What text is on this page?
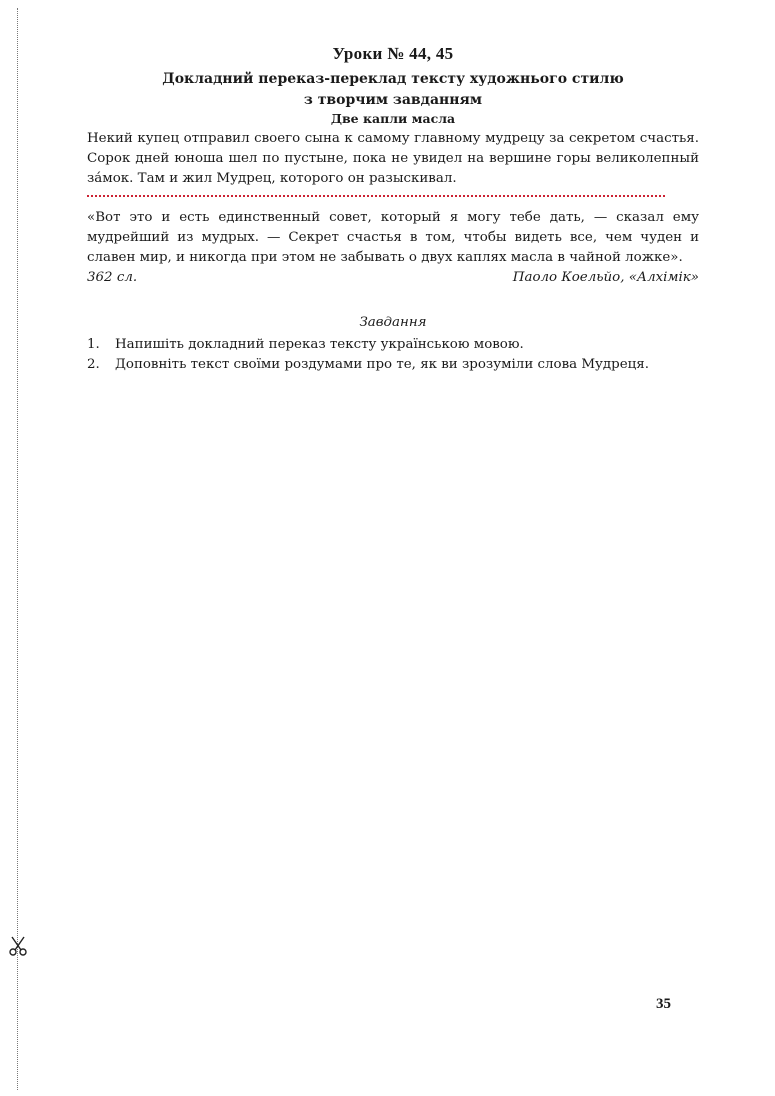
Уроки № 44, 45

Докладний переказ-переклад тексту художнього стилю

з творчим завданням

Две капли масла

Некий купец отправил своего сына к самому главному мудрецу за секретом счастья. Сорок дней юноша шел по пустыне, пока не увидел на вершине горы великолепный за́мок. Там и жил Мудрец, которого он разыскивал.

«Вот это и есть единственный совет, который я могу тебе дать, — сказал ему мудрейший из мудрых. — Секрет счастья в том, чтобы видеть все, чем чуден и славен мир, и никогда при этом не забывать о двух каплях масла в чайной ложке».

362 сл.	Паоло Коельйо, «Алхімік»

Завдання

1.	Напишіть докладний переказ тексту українською мовою.
2.	Доповніть текст своїми роздумами про те, як ви зрозуміли слова Мудреця.
35
